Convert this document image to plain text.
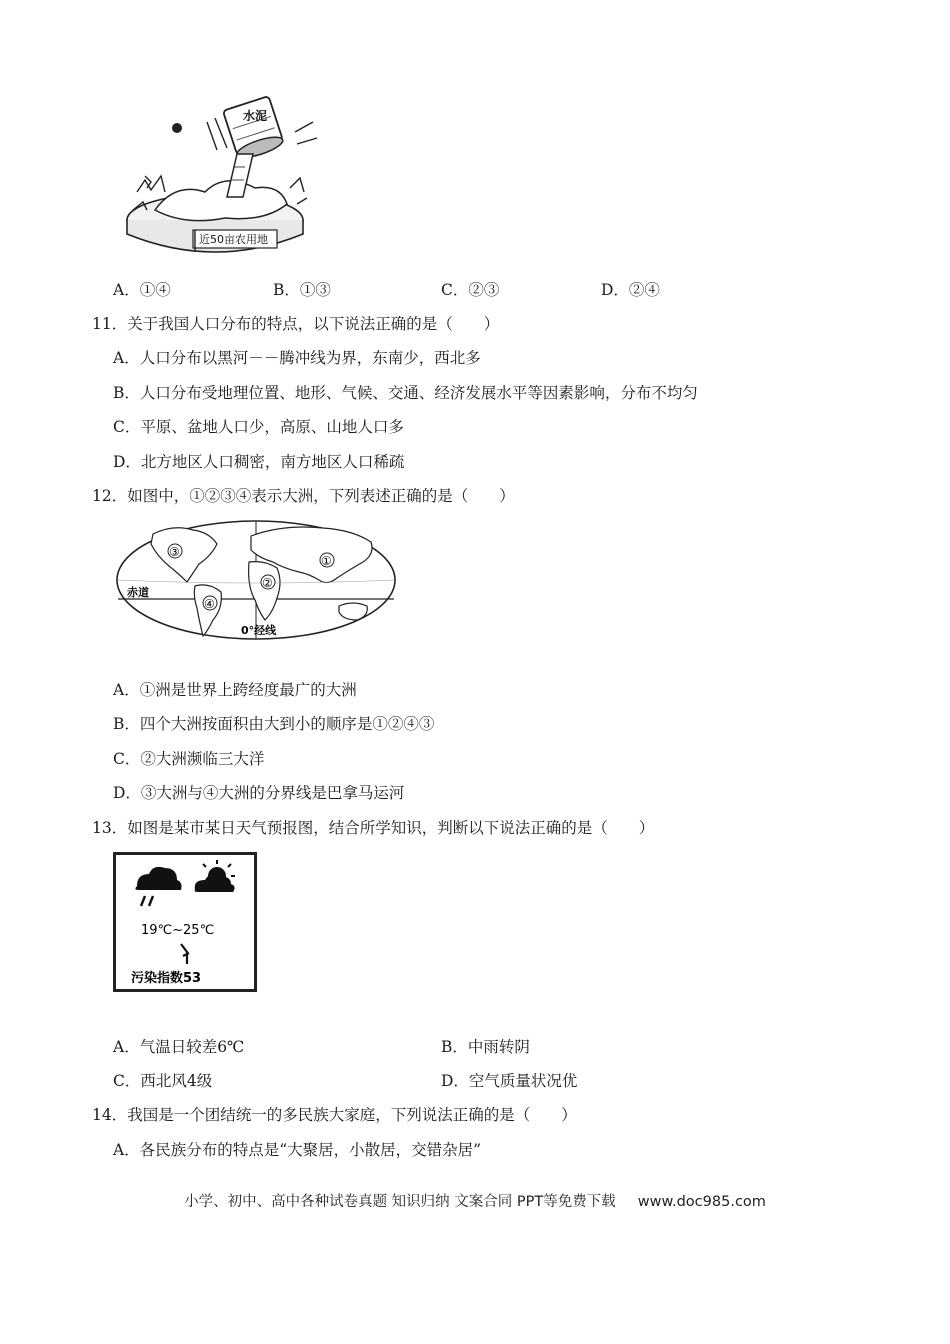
水泥
近50亩农用地
A．①④	B．①③	C．②③	D．②④
11．关于我国人口分布的特点，以下说法正确的是（　　）
A．人口分布以黑河－－腾冲线为界，东南少，西北多
B．人口分布受地理位置、地形、气候、交通、经济发展水平等因素影响，分布不均匀
C．平原、盆地人口少，高原、山地人口多
D．北方地区人口稠密，南方地区人口稀疏
12．如图中，①②③④表示大洲，下列表述正确的是（　　）
①
②
③
④
赤道
0°经线
A．①洲是世界上跨经度最广的大洲
B．四个大洲按面积由大到小的顺序是①②④③
C．②大洲濒临三大洋
D．③大洲与④大洲的分界线是巴拿马运河
13．如图是某市某日天气预报图，结合所学知识，判断以下说法正确的是（　　）
19℃~25℃
污染指数53
A．气温日较差6℃	B．中雨转阴
C．西北风4级	D．空气质量状况优
14．我国是一个团结统一的多民族大家庭，下列说法正确的是（　　）
A．各民族分布的特点是“大聚居，小散居，交错杂居”
小学、初中、高中各种试卷真题 知识归纳 文案合同 PPT等免费下载 www.doc985.com
